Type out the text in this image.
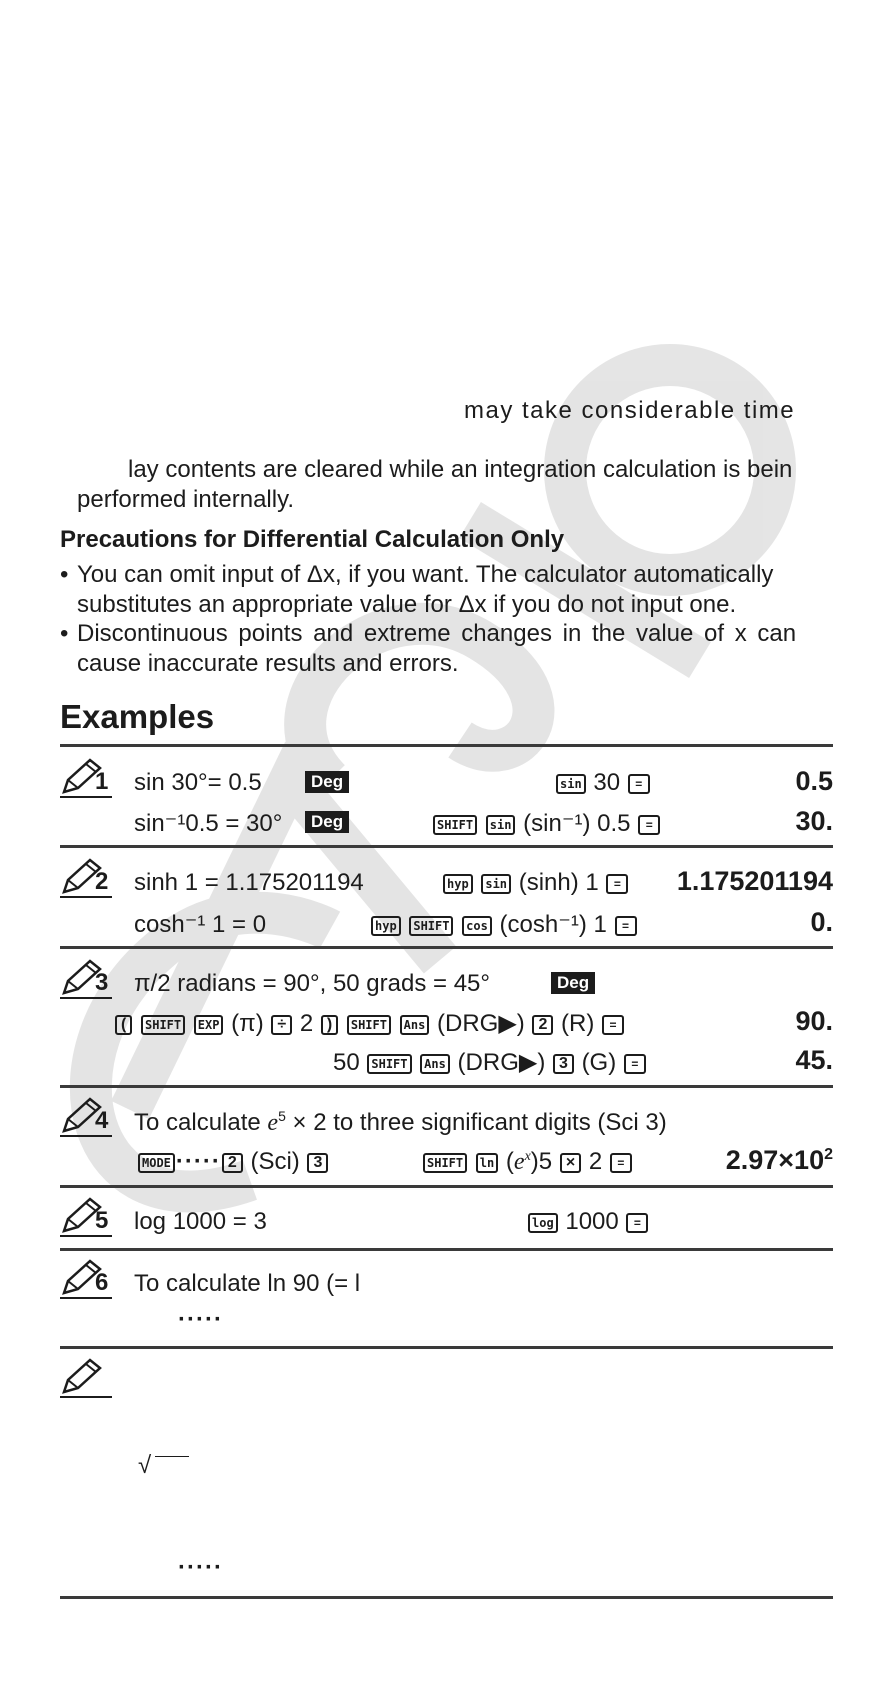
may take considerable time
lay contents are cleared while an integration calculation is bein
performed internally.
Precautions for Differential Calculation Only
• You can omit input of Δx, if you want. The calculator automatically
substitutes an appropriate value for Δx if you do not input one.
• Discontinuous points and extreme changes in the value of x can
cause inaccurate results and errors.
Examples
1 sin 30°= 0.5	Deg	sin 30 =	0.5
sin⁻¹0.5 = 30°	Deg	SHIFT sin (sin⁻¹) 0.5 =	30.
2 sinh 1 = 1.175201194	hyp sin (sinh) 1 =	1.175201194
cosh⁻¹ 1 = 0	hyp SHIFT cos (cosh⁻¹) 1 =	0.
3 π/2 radians = 90°, 50 grads = 45°	Deg
( SHIFT EXP (π) ÷ 2 ) SHIFT Ans (DRG▶) 2 (R) =	90.
50 SHIFT Ans (DRG▶) 3 (G) =	45.
4 To calculate $e^5 \times 2$ to three significant digits (Sci 3)
MODE ····· 2 (Sci) 3	SHIFT $\ln (e^x)5 \times 2$ =	$2.97\times 10^2$
5 log 1000 = 3	log 1000 =
6 To calculate ln 90 (= l
·····
√
·····
